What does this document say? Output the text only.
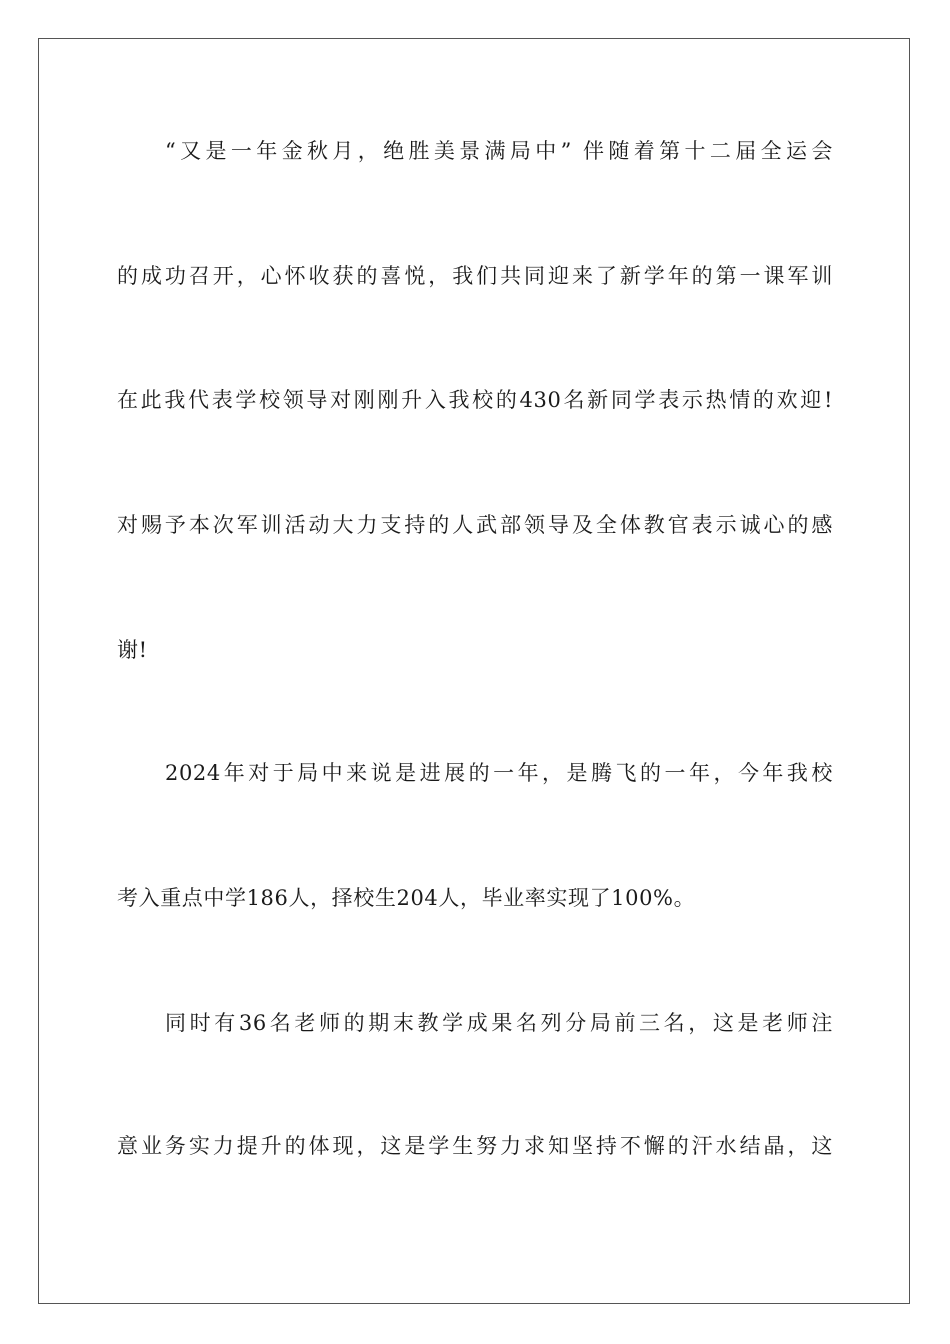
“又是一年金秋月，绝胜美景满局中” 伴随着第十二届全运会
的成功召开，心怀收获的喜悦，我们共同迎来了新学年的第一课军训
在此我代表学校领导对刚刚升入我校的430名新同学表示热情的欢迎!
对赐予本次军训活动大力支持的人武部领导及全体教官表示诚心的感
谢!
2024年对于局中来说是进展的一年，是腾飞的一年，今年我校
考入重点中学186人，择校生204人，毕业率实现了100%。
同时有36名老师的期末教学成果名列分局前三名，这是老师注
意业务实力提升的体现，这是学生努力求知坚持不懈的汗水结晶，这
